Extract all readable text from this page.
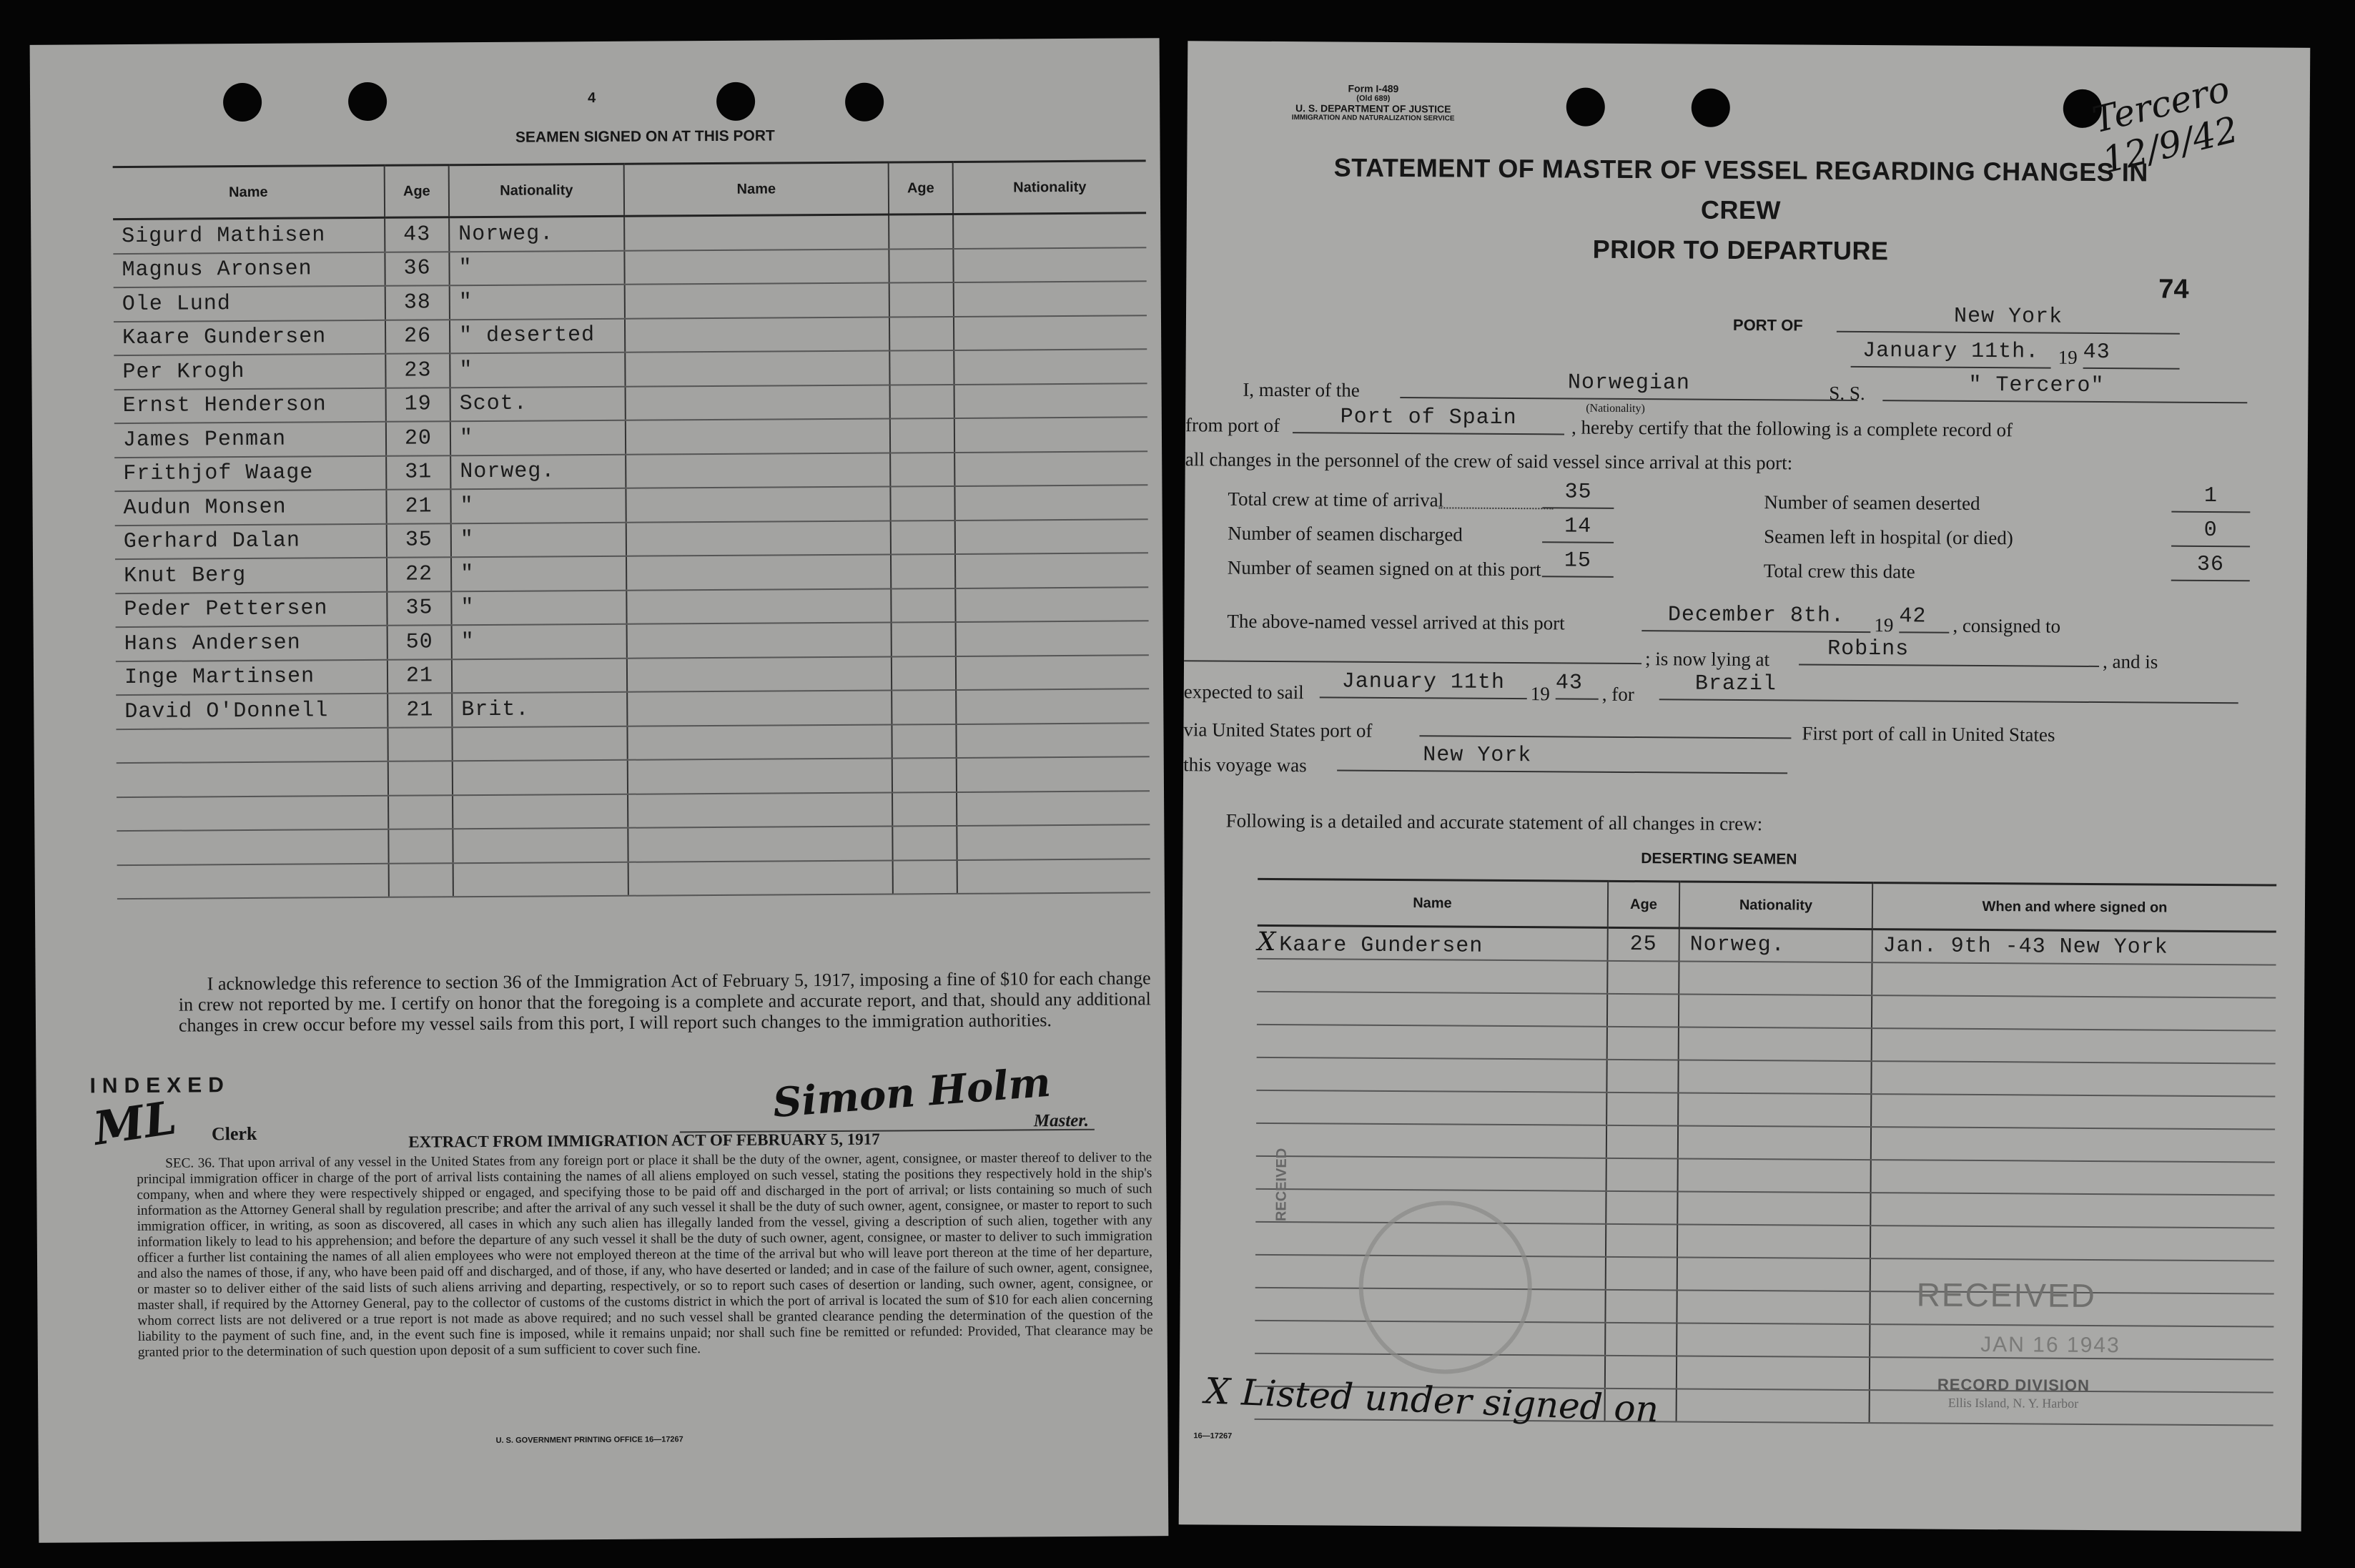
4
SEAMEN SIGNED ON AT THIS PORT
Name	Age	Nationality	Name	Age	Nationality
Sigurd Mathisen	43	Norweg.			
Magnus Aronsen	36	"			
Ole Lund	38	"			
Kaare Gundersen	26	" deserted			
Per Krogh	23	"			
Ernst Henderson	19	Scot.			
James Penman	20	"			
Frithjof Waage	31	Norweg.			
Audun Monsen	21	"			
Gerhard Dalan	35	"			
Knut Berg	22	"			
Peder Pettersen	35	"			
Hans Andersen	50	"			
Inge Martinsen	21				
David O'Donnell	21	Brit.			

I acknowledge this reference to section 36 of the Immigration Act of February 5, 1917, imposing a fine of $10 for each change in crew not reported by me. I certify on honor that the foregoing is a complete and accurate report, and that, should any additional changes in crew occur before my vessel sails from this port, I will report such changes to the immigration authorities.
INDEXED
ML Clerk
Simon Holm
Master.
EXTRACT FROM IMMIGRATION ACT OF FEBRUARY 5, 1917
SEC. 36. That upon arrival of any vessel in the United States from any foreign port or place it shall be the duty of the owner, agent, consignee, or master thereof to deliver to the principal immigration officer in charge of the port of arrival lists containing the names of all aliens employed on such vessel, stating the positions they respectively hold in the ship's company, when and where they were respectively shipped or engaged, and specifying those to be paid off and discharged in the port of arrival; or lists containing so much of such information as the Attorney General shall by regulation prescribe; and after the arrival of any such vessel it shall be the duty of such owner, agent, consignee, or master to report to such immigration officer, in writing, as soon as discovered, all cases in which any such alien has illegally landed from the vessel, giving a description of such alien, together with any information likely to lead to his apprehension; and before the departure of any such vessel it shall be the duty of such owner, agent, consignee, or master to deliver to such immigration officer a further list containing the names of all alien employees who were not employed thereon at the time of the arrival but who will leave port thereon at the time of her departure, and also the names of those, if any, who have been paid off and discharged, and of those, if any, who have deserted or landed; and in case of the failure of such owner, agent, consignee, or master so to deliver either of the said lists of such aliens arriving and departing, respectively, or so to report such cases of desertion or landing, such owner, agent, consignee, or master shall, if required by the Attorney General, pay to the collector of customs of the customs district in which the port of arrival is located the sum of $10 for each alien concerning whom correct lists are not delivered or a true report is not made as above required; and no such vessel shall be granted clearance pending the determination of the question of the liability to the payment of such fine, and, in the event such fine is imposed, while it remains unpaid; nor shall such fine be remitted or refunded: Provided, That clearance may be granted prior to the determination of such question upon deposit of a sum sufficient to cover such fine.
U. S. GOVERNMENT PRINTING OFFICE 16—17267
Form I-489
(Old 689)
U. S. DEPARTMENT OF JUSTICE
IMMIGRATION AND NATURALIZATION SERVICE	Tercero 12/9/42
STATEMENT OF MASTER OF VESSEL REGARDING CHANGES IN CREW
PRIOR TO DEPARTURE
74
PORT OF	New York
January 11th. 19 43
I, master of the	Norwegian
(Nationality)
S. S.	" Tercero"
from port of	Port of Spain	, hereby certify that the following is a complete record of
all changes in the personnel of the crew of said vessel since arrival at this port:
Total crew at time of arrival	35	Number of seamen deserted	1
Number of seamen discharged	14	Seamen left in hospital (or died)	0
Number of seamen signed on at this port	15	Total crew this date	36
The above-named vessel arrived at this port	December 8th.	19 42	, consigned to
; is now lying at	Robins	, and is
expected to sail	January 11th	19 43 , for	Brazil
via United States port of	First port of call in United States
this voyage was	New York
Following is a detailed and accurate statement of all changes in crew:
DESERTING SEAMEN
Name	Age	Nationality	When and where signed on
X Kaare Gundersen	25	Norweg.	Jan. 9th -43 New York

RECEIVED
RECEIVED
JAN 16 1943
RECORD DIVISION
Ellis Island, N. Y. Harbor
X Listed under signed on
16—17267
